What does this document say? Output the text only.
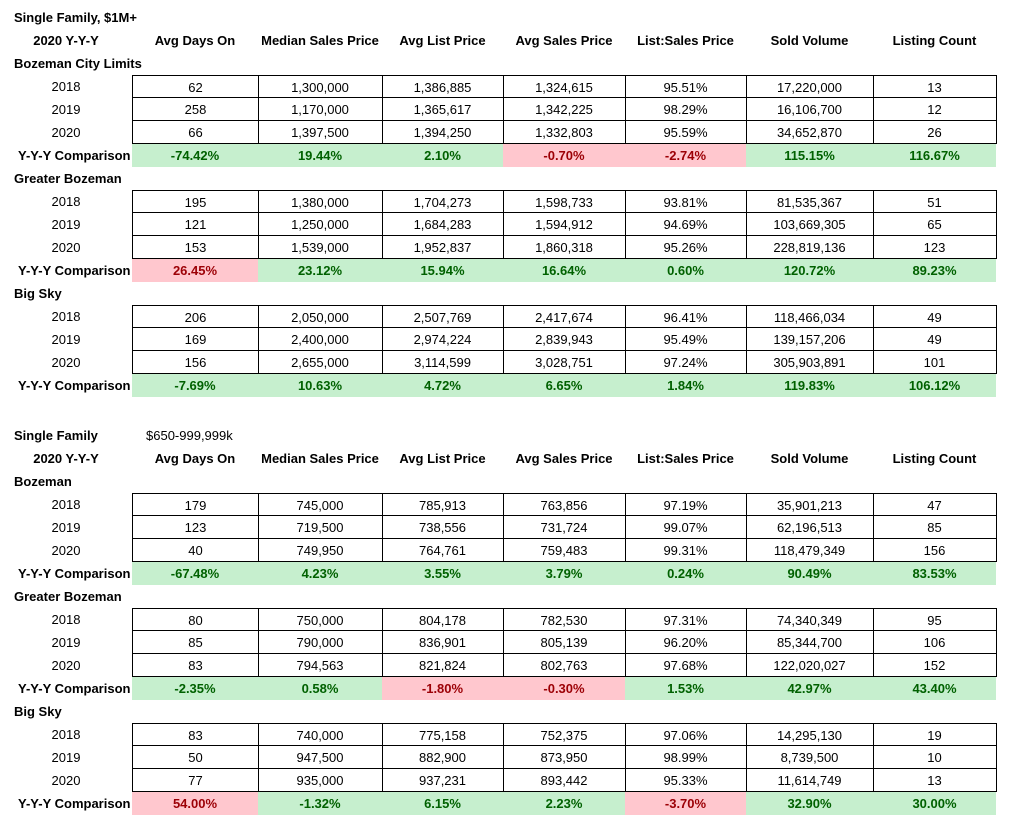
Single Family, $1M+
2020 Y-Y-Y	Avg Days On	Median Sales Price	Avg List Price	Avg Sales Price	List:Sales Price	Sold Volume	Listing Count
Bozeman City Limits
2018	62	1,300,000	1,386,885	1,324,615	95.51%	17,220,000	13
2019	258	1,170,000	1,365,617	1,342,225	98.29%	16,106,700	12
2020	66	1,397,500	1,394,250	1,332,803	95.59%	34,652,870	26
Y-Y-Y Comparison	-74.42%	19.44%	2.10%	-0.70%	-2.74%	115.15%	116.67%
Greater Bozeman
2018	195	1,380,000	1,704,273	1,598,733	93.81%	81,535,367	51
2019	121	1,250,000	1,684,283	1,594,912	94.69%	103,669,305	65
2020	153	1,539,000	1,952,837	1,860,318	95.26%	228,819,136	123
Y-Y-Y Comparison	26.45%	23.12%	15.94%	16.64%	0.60%	120.72%	89.23%
Big Sky
2018	206	2,050,000	2,507,769	2,417,674	96.41%	118,466,034	49
2019	169	2,400,000	2,974,224	2,839,943	95.49%	139,157,206	49
2020	156	2,655,000	3,114,599	3,028,751	97.24%	305,903,891	101
Y-Y-Y Comparison	-7.69%	10.63%	4.72%	6.65%	1.84%	119.83%	106.12%
Single Family	$650-999,999k
2020 Y-Y-Y	Avg Days On	Median Sales Price	Avg List Price	Avg Sales Price	List:Sales Price	Sold Volume	Listing Count
Bozeman
2018	179	745,000	785,913	763,856	97.19%	35,901,213	47
2019	123	719,500	738,556	731,724	99.07%	62,196,513	85
2020	40	749,950	764,761	759,483	99.31%	118,479,349	156
Y-Y-Y Comparison	-67.48%	4.23%	3.55%	3.79%	0.24%	90.49%	83.53%
Greater Bozeman
2018	80	750,000	804,178	782,530	97.31%	74,340,349	95
2019	85	790,000	836,901	805,139	96.20%	85,344,700	106
2020	83	794,563	821,824	802,763	97.68%	122,020,027	152
Y-Y-Y Comparison	-2.35%	0.58%	-1.80%	-0.30%	1.53%	42.97%	43.40%
Big Sky
2018	83	740,000	775,158	752,375	97.06%	14,295,130	19
2019	50	947,500	882,900	873,950	98.99%	8,739,500	10
2020	77	935,000	937,231	893,442	95.33%	11,614,749	13
Y-Y-Y Comparison	54.00%	-1.32%	6.15%	2.23%	-3.70%	32.90%	30.00%
